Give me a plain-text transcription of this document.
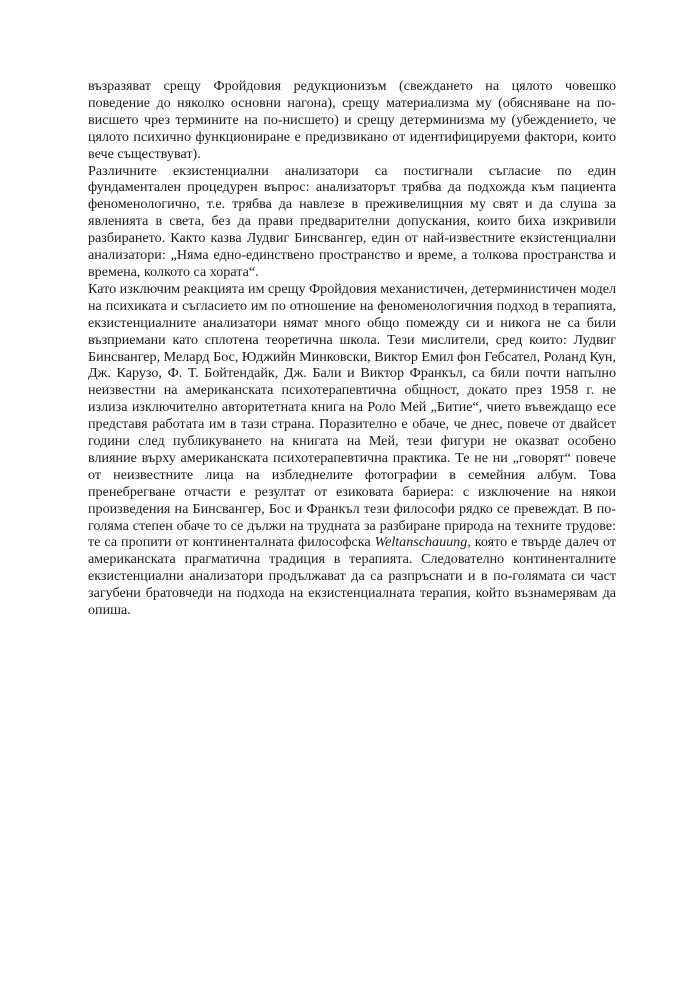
възразяват срещу Фройдовия редукционизъм (свеждането на цялото човешко поведение до няколко основни нагона), срещу материализма му (обясняване на по-висшето чрез термините на по-нисшето) и срещу детерминизма му (убеждението, че цялото психично функциониране е предизвикано от идентифицируеми фактори, които вече съществуват).

Различните екзистенциални анализатори са постигнали съгласие по един фундаментален процедурен въпрос: анализаторът трябва да подхожда към пациента феноменологично, т.е. трябва да навлезе в преживелищния му свят и да слуша за явленията в света, без да прави предварителни допускания, които биха изкривили разбирането. Както казва Лудвиг Бинсвангер, един от най-известните екзистенциални анализатори: „Няма едно-единствено пространство и време, а толкова пространства и времена, колкото са хората“.

Като изключим реакцията им срещу Фройдовия механистичен, детерминистичен модел на психиката и съгласието им по отношение на феноменологичния подход в терапията, екзистенциалните анализатори нямат много общо помежду си и никога не са били възприемани като сплотена теоретична школа. Тези мислители, сред които: Лудвиг Бинсвангер, Мелард Бос, Юджийн Минковски, Виктор Емил фон Гебсател, Роланд Кун, Дж. Карузо, Ф. Т. Бойтендайк, Дж. Бали и Виктор Франкъл, са били почти напълно неизвестни на американската психотерапевтична общност, докато през 1958 г. не излиза изключително авторитетната книга на Роло Мей „Битие“, чието въвеждащо есе представя работата им в тази страна. Поразително е обаче, че днес, повече от двайсет години след публикуването на книгата на Мей, тези фигури не оказват особено влияние върху американската психотерапевтична практика. Те не ни „говорят“ повече от неизвестните лица на избледнелите фотографии в семейния албум. Това пренебрегване отчасти е резултат от езиковата бариера: с изключение на някои произведения на Бинсвангер, Бос и Франкъл тези философи рядко се превеждат. В по-голяма степен обаче то се дължи на трудната за разбиране природа на техните трудове: те са пропити от континенталната философска Weltanschauung, която е твърде далеч от американската прагматична традиция в терапията. Следователно континенталните екзистенциални анализатори продължават да са разпръснати и в по-голямата си част загубени братовчеди на подхода на екзистенциалната терапия, който възнамерявам да опиша.
